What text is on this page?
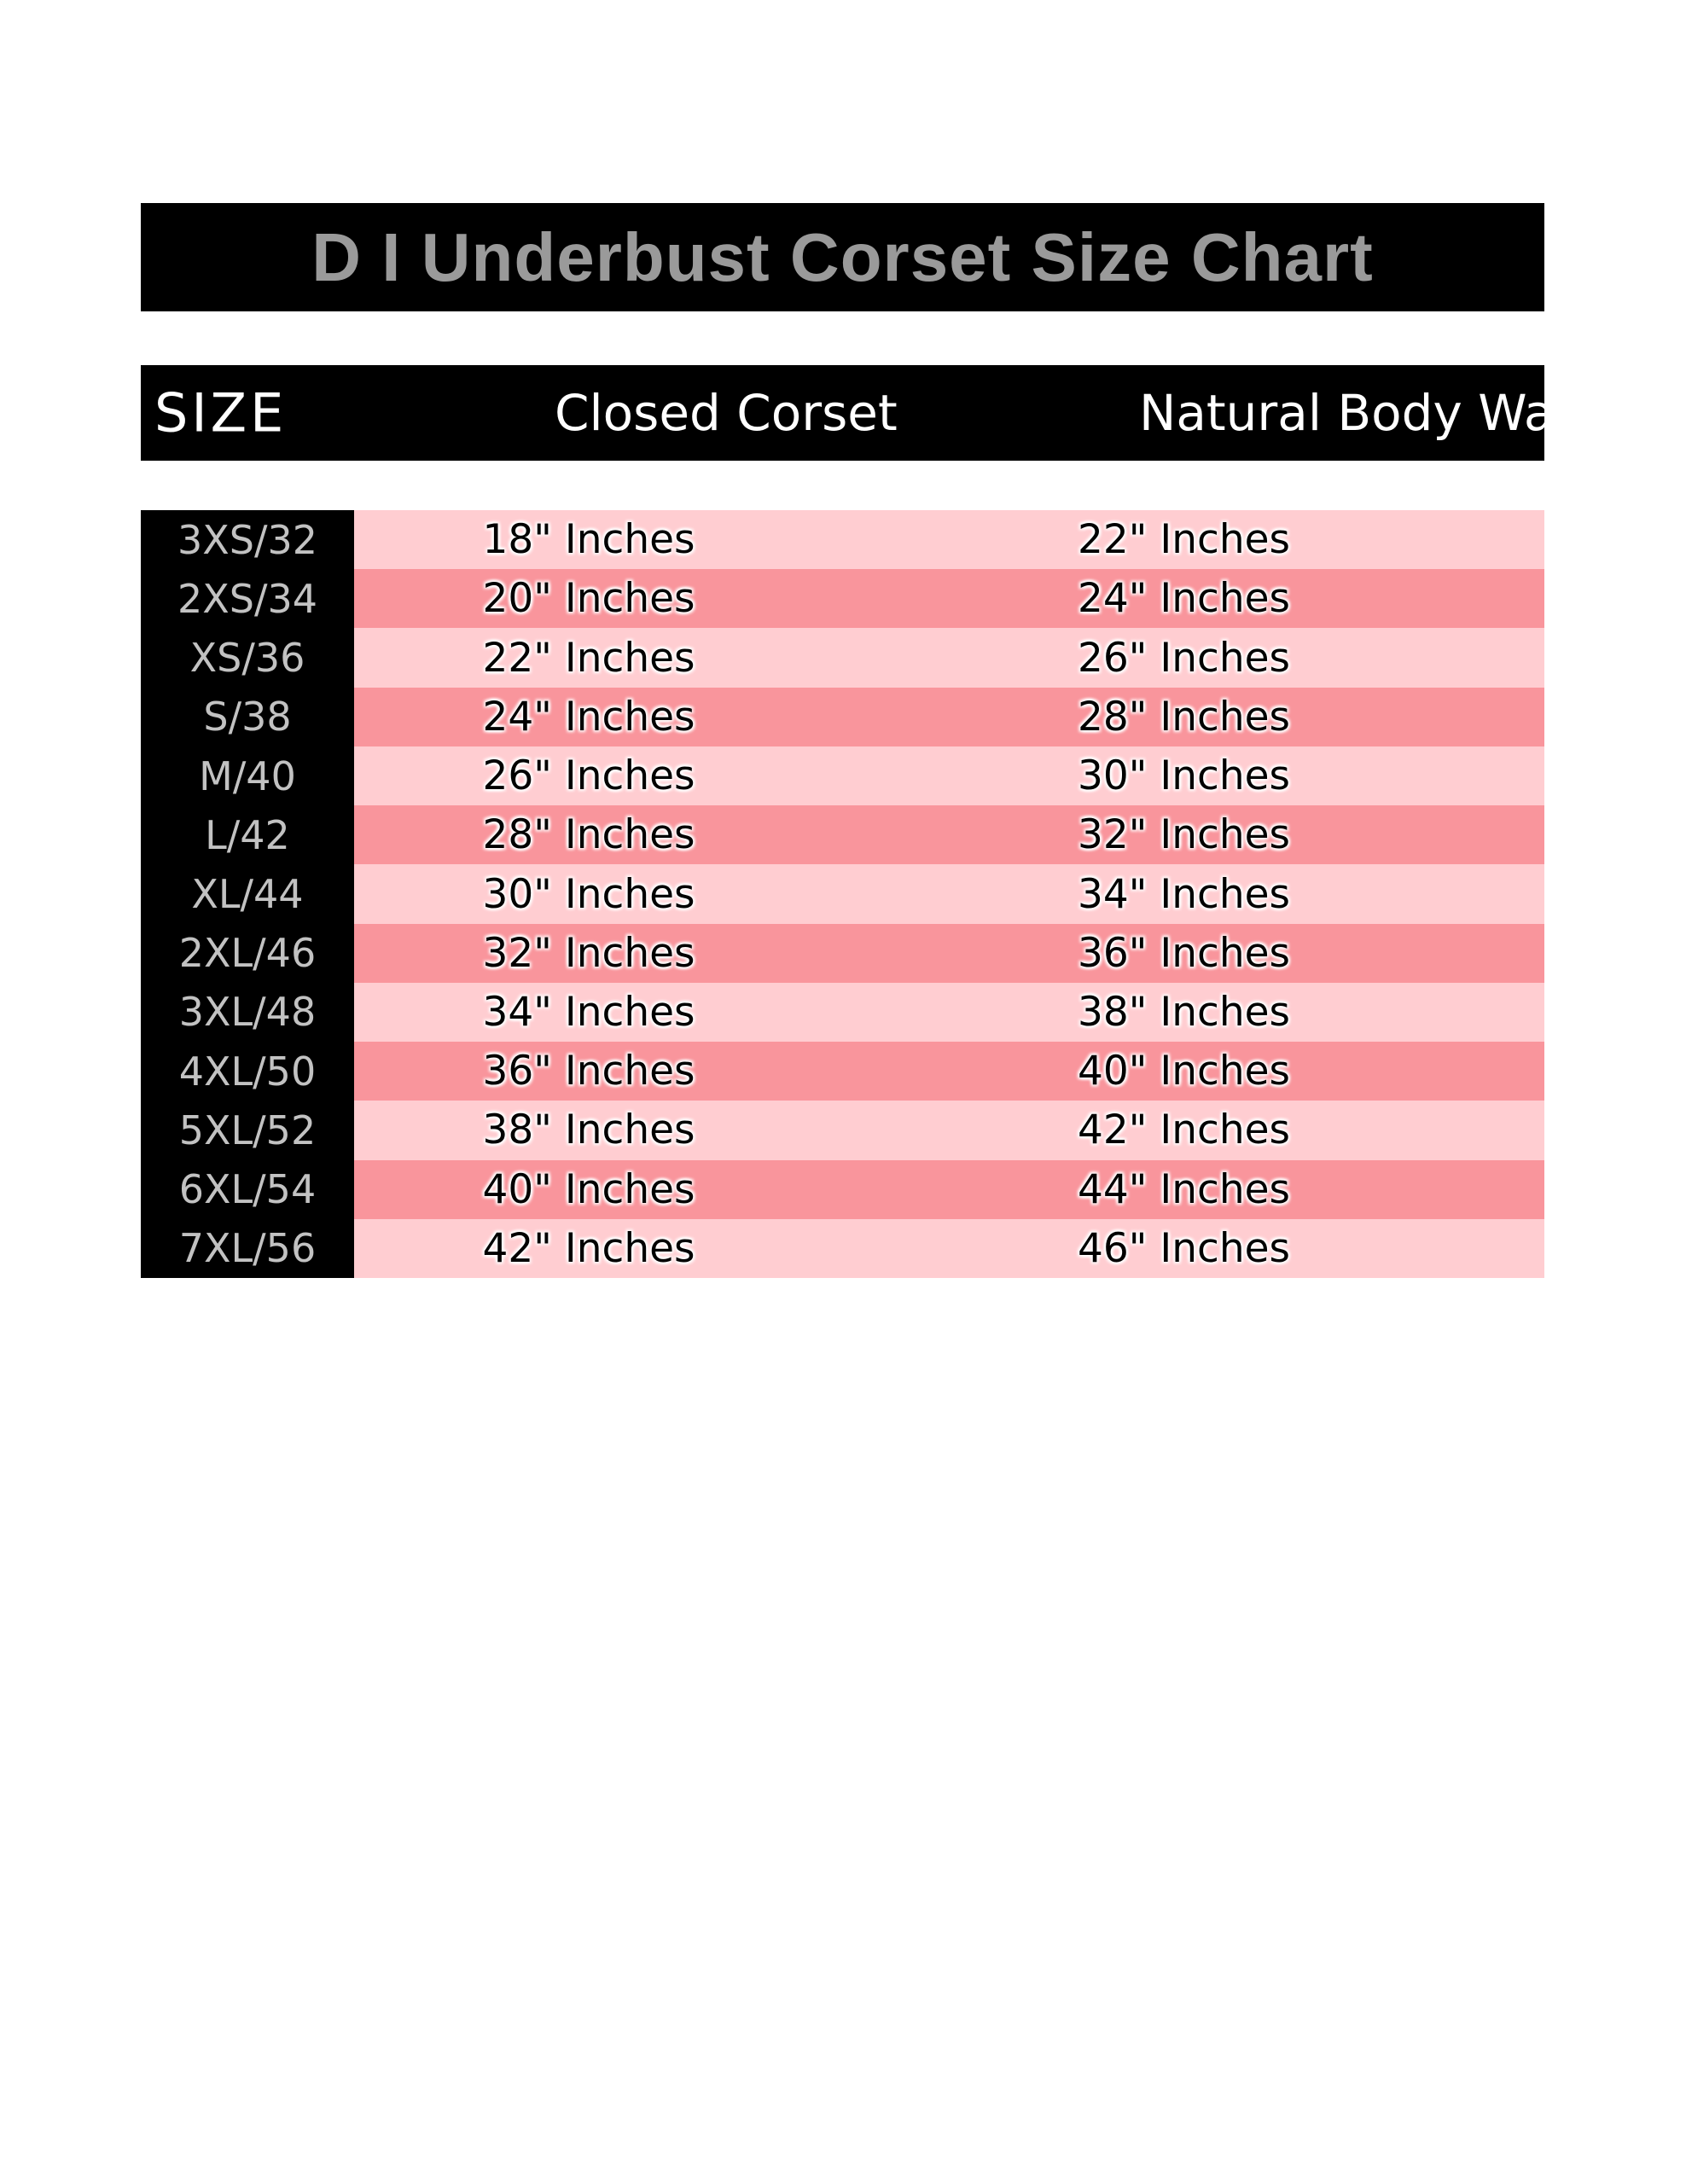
D I Underbust Corset Size Chart
SIZE	Closed Corset	Natural Body Waist
3XS/32	18" Inches	22" Inches
2XS/34	20" Inches	24" Inches
XS/36	22" Inches	26" Inches
S/38	24" Inches	28" Inches
M/40	26" Inches	30" Inches
L/42	28" Inches	32" Inches
XL/44	30" Inches	34" Inches
2XL/46	32" Inches	36" Inches
3XL/48	34" Inches	38" Inches
4XL/50	36" Inches	40" Inches
5XL/52	38" Inches	42" Inches
6XL/54	40" Inches	44" Inches
7XL/56	42" Inches	46" Inches
